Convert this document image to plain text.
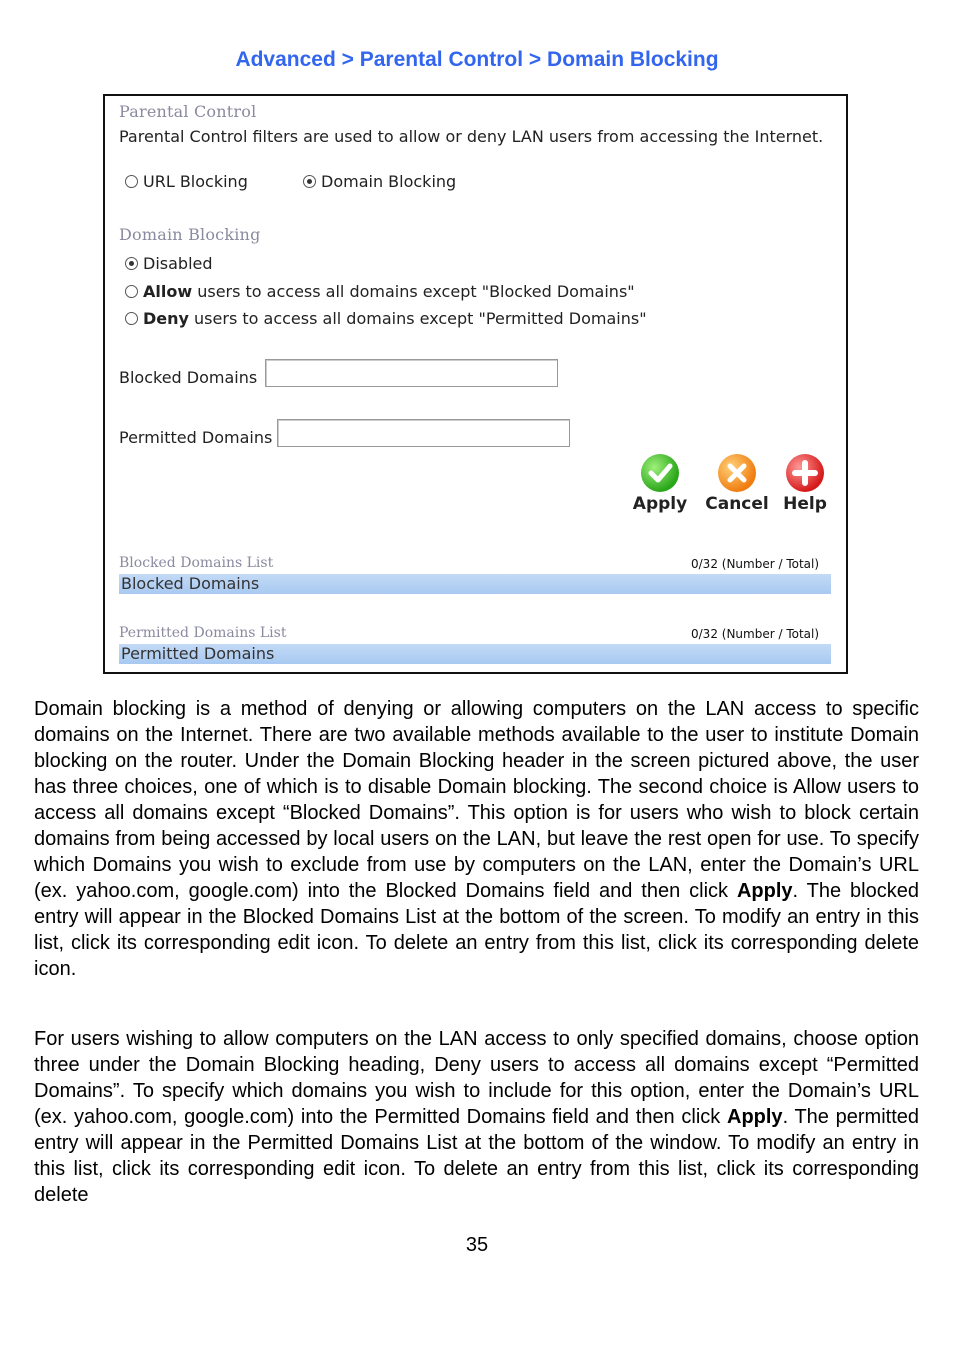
Advanced > Parental Control > Domain Blocking
Parental Control
Parental Control filters are used to allow or deny LAN users from accessing the Internet.
URL Blocking	Domain Blocking
Domain Blocking
Disabled
Allow users to access all domains except "Blocked Domains"
Deny users to access all domains except "Permitted Domains"
Blocked Domains
Permitted Domains
Apply	Cancel Help
Blocked Domains List	0/32 (Number / Total)
Blocked Domains
Permitted Domains List	0/32 (Number / Total)
Permitted Domains
Domain blocking is a method of denying or allowing computers on the LAN access to specific domains on the Internet. There are two available methods available to the user to institute Domain blocking on the router. Under the Domain Blocking header in the screen pictured above, the user has three choices, one of which is to disable Domain blocking. The second choice is Allow users to access all domains except “Blocked Domains”. This option is for users who wish to block certain domains from being accessed by local users on the LAN, but leave the rest open for use. To specify which Domains you wish to exclude from use by computers on the LAN, enter the Domain’s URL (ex. yahoo.com, google.com) into the Blocked Domains field and then click Apply. The blocked entry will appear in the Blocked Domains List at the bottom of the screen. To modify an entry in this list, click its corresponding edit icon. To delete an entry from this list, click its corresponding delete icon.
For users wishing to allow computers on the LAN access to only specified domains, choose option three under the Domain Blocking heading, Deny users to access all domains except “Permitted Domains”. To specify which domains you wish to include for this option, enter the Domain’s URL (ex. yahoo.com, google.com) into the Permitted Domains field and then click Apply. The permitted entry will appear in the Permitted Domains List at the bottom of the window. To modify an entry in this list, click its corresponding edit icon. To delete an entry from this list, click its corresponding delete
35
